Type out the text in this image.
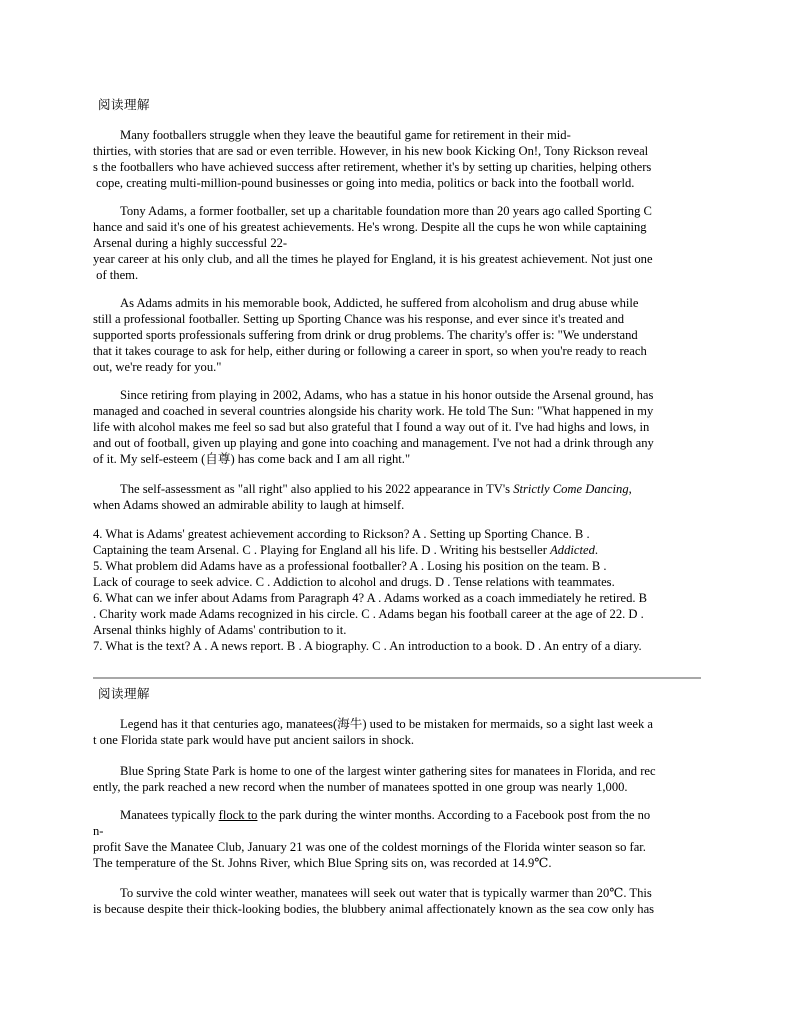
阅读理解
Many footballers struggle when they leave the beautiful game for retirement in their mid-
thirties, with stories that are sad or even terrible. However, in his new book Kicking On!, Tony Rickson reveal
s the footballers who have achieved success after retirement, whether it's by setting up charities, helping others
cope, creating multi-million-pound businesses or going into media, politics or back into the football world.
Tony Adams, a former footballer, set up a charitable foundation more than 20 years ago called Sporting C
hance and said it's one of his greatest achievements. He's wrong. Despite all the cups he won while captaining
Arsenal during a highly successful 22-
year career at his only club, and all the times he played for England, it is his greatest achievement. Not just one
of them.
As Adams admits in his memorable book, Addicted, he suffered from alcoholism and drug abuse while
still a professional footballer. Setting up Sporting Chance was his response, and ever since it's treated and
supported sports professionals suffering from drink or drug problems. The charity's offer is: "We understand
that it takes courage to ask for help, either during or following a career in sport, so when you're ready to reach
out, we're ready for you."
Since retiring from playing in 2002, Adams, who has a statue in his honor outside the Arsenal ground, has
managed and coached in several countries alongside his charity work. He told The Sun: "What happened in my
life with alcohol makes me feel so sad but also grateful that I found a way out of it. I've had highs and lows, in
and out of football, given up playing and gone into coaching and management. I've not had a drink through any
of it. My self-esteem (自尊) has come back and I am all right."
The self-assessment as "all right" also applied to his 2022 appearance in TV's Strictly Come Dancing,
when Adams showed an admirable ability to laugh at himself.
4. What is Adams' greatest achievement according to Rickson? A . Setting up Sporting Chance. B .
Captaining the team Arsenal. C . Playing for England all his life. D . Writing his bestseller Addicted.
5. What problem did Adams have as a professional footballer? A . Losing his position on the team. B .
Lack of courage to seek advice. C . Addiction to alcohol and drugs. D . Tense relations with teammates.
6. What can we infer about Adams from Paragraph 4? A . Adams worked as a coach immediately he retired. B
. Charity work made Adams recognized in his circle. C . Adams began his football career at the age of 22. D .
Arsenal thinks highly of Adams' contribution to it.
7. What is the text? A . A news report. B . A biography. C . An introduction to a book. D . An entry of a diary.
阅读理解
Legend has it that centuries ago, manatees(海牛) used to be mistaken for mermaids, so a sight last week a
t one Florida state park would have put ancient sailors in shock.
Blue Spring State Park is home to one of the largest winter gathering sites for manatees in Florida, and rec
ently, the park reached a new record when the number of manatees spotted in one group was nearly 1,000.
Manatees typically flock to the park during the winter months. According to a Facebook post from the no
n-
profit Save the Manatee Club, January 21 was one of the coldest mornings of the Florida winter season so far.
The temperature of the St. Johns River, which Blue Spring sits on, was recorded at 14.9℃.
To survive the cold winter weather, manatees will seek out water that is typically warmer than 20℃. This
is because despite their thick-looking bodies, the blubbery animal affectionately known as the sea cow only has
